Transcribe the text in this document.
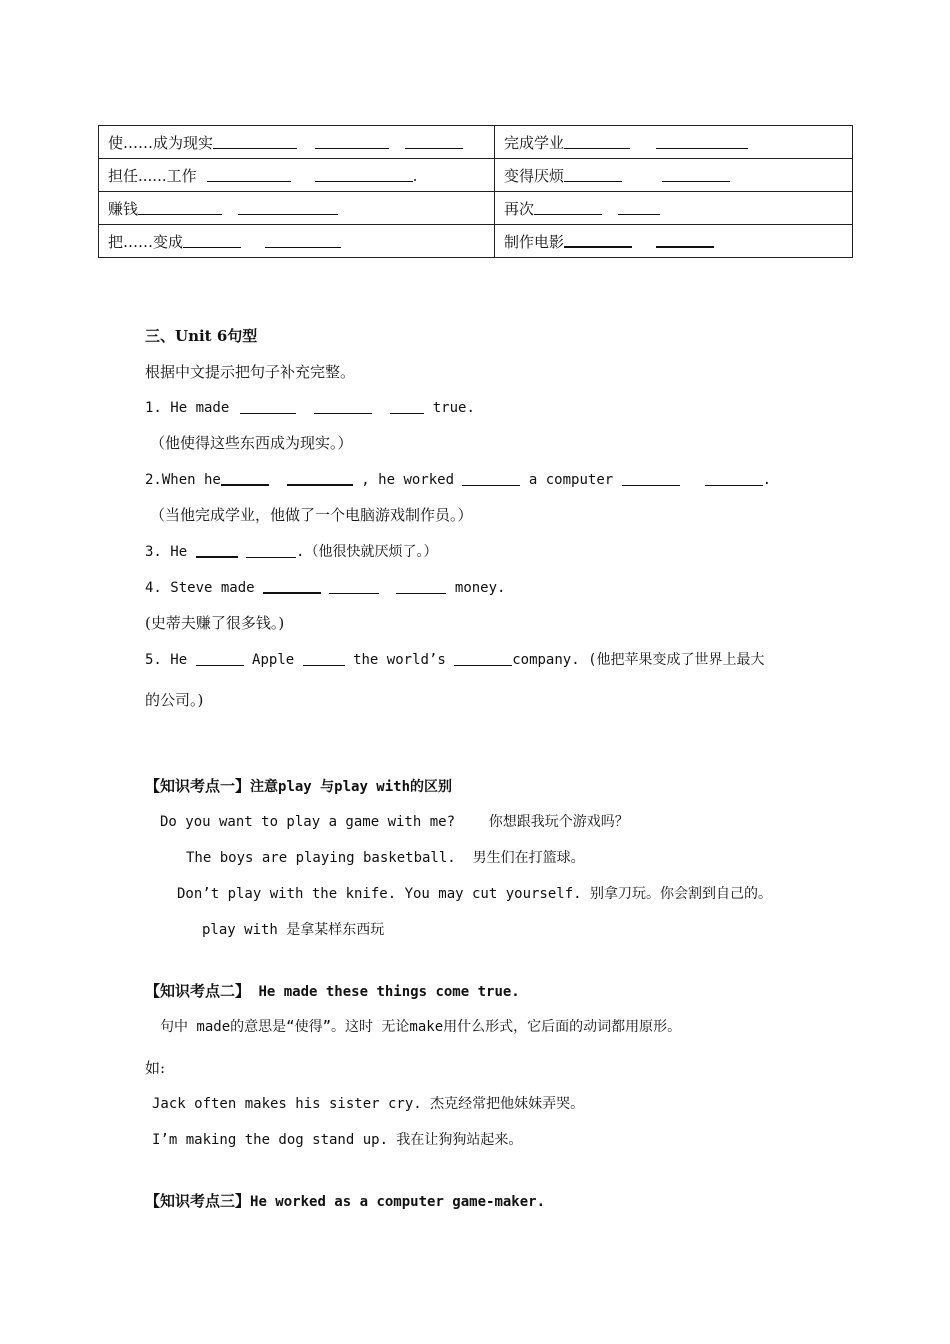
使……成为现实	完成学业
担任......工作 .	变得厌烦
赚钱	再次
把……变成	制作电影
三、Unit 6句型
根据中文提示把句子补充完整。
1. He made	true.
（他使得这些东西成为现实。）
2.When he	, he worked	a computer	.
（当他完成学业，他做了一个电脑游戏制作员。）
3. He	.（他很快就厌烦了。）
4. Steve made	money.
(史蒂夫赚了很多钱。)
5. He	Apple	the world’s	company. (他把苹果变成了世界上最大
的公司。)
【知识考点一】注意play 与play with的区别
Do you want to play a game with me?    你想跟我玩个游戏吗？
The boys are playing basketball.  男生们在打篮球。
Don’t play with the knife. You may cut yourself. 别拿刀玩。你会割到自己的。
play with 是拿某样东西玩
【知识考点二】 He made these things come true.
句中 made的意思是“使得”。这时 无论make用什么形式，它后面的动词都用原形。
如:
Jack often makes his sister cry. 杰克经常把他妹妹弄哭。
I’m making the dog stand up. 我在让狗狗站起来。
【知识考点三】He worked as a computer game-maker.
